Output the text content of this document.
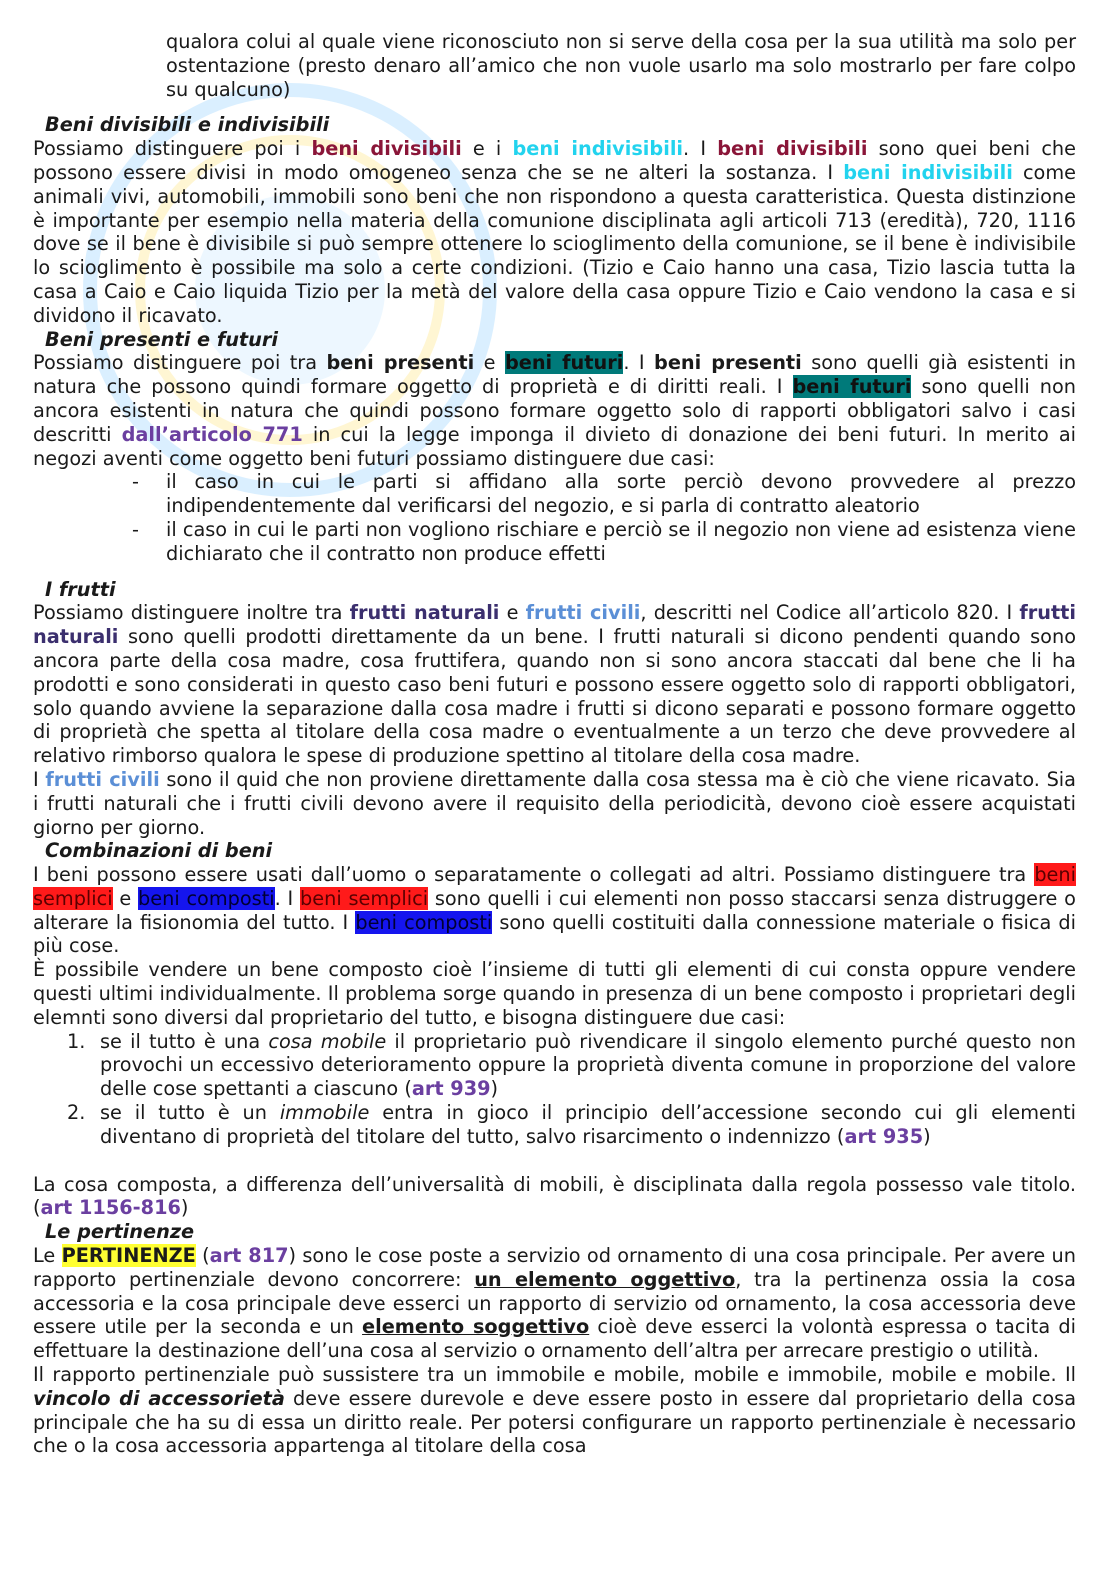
qualora colui al quale viene riconosciuto non si serve della cosa per la sua utilità ma solo per ostentazione (presto denaro all’amico che non vuole usarlo ma solo mostrarlo per fare colpo su qualcuno)

Beni divisibili e indivisibili

Possiamo distinguere poi i beni divisibili e i beni indivisibili. I beni divisibili sono quei beni che possono essere divisi in modo omogeneo senza che se ne alteri la sostanza. I beni indivisibili come animali vivi, automobili, immobili sono beni che non rispondono a questa caratteristica. Questa distinzione è importante per esempio nella materia della comunione disciplinata agli articoli 713 (eredità), 720, 1116 dove se il bene è divisibile si può sempre ottenere lo scioglimento della comunione, se il bene è indivisibile lo scioglimento è possibile ma solo a certe condizioni. (Tizio e Caio hanno una casa, Tizio lascia tutta la casa a Caio e Caio liquida Tizio per la metà del valore della casa oppure Tizio e Caio vendono la casa e si dividono il ricavato.

Beni presenti e futuri

Possiamo distinguere poi tra beni presenti e beni futuri. I beni presenti sono quelli già esistenti in natura che possono quindi formare oggetto di proprietà e di diritti reali. I beni futuri sono quelli non ancora esistenti in natura che quindi possono formare oggetto solo di rapporti obbligatori salvo i casi descritti dall’articolo 771 in cui la legge imponga il divieto di donazione dei beni futuri. In merito ai negozi aventi come oggetto beni futuri possiamo distinguere due casi:

- il caso in cui le parti si affidano alla sorte perciò devono provvedere al prezzo indipendentemente dal verificarsi del negozio, e si parla di contratto aleatorio
- il caso in cui le parti non vogliono rischiare e perciò se il negozio non viene ad esistenza viene dichiarato che il contratto non produce effetti

I frutti

Possiamo distinguere inoltre tra frutti naturali e frutti civili, descritti nel Codice all’articolo 820. I frutti naturali sono quelli prodotti direttamente da un bene. I frutti naturali si dicono pendenti quando sono ancora parte della cosa madre, cosa fruttifera, quando non si sono ancora staccati dal bene che li ha prodotti e sono considerati in questo caso beni futuri e possono essere oggetto solo di rapporti obbligatori, solo quando avviene la separazione dalla cosa madre i frutti si dicono separati e possono formare oggetto di proprietà che spetta al titolare della cosa madre o eventualmente a un terzo che deve provvedere al relativo rimborso qualora le spese di produzione spettino al titolare della cosa madre.

I frutti civili sono il quid che non proviene direttamente dalla cosa stessa ma è ciò che viene ricavato. Sia i frutti naturali che i frutti civili devono avere il requisito della periodicità, devono cioè essere acquistati giorno per giorno.

Combinazioni di beni

I beni possono essere usati dall’uomo o separatamente o collegati ad altri. Possiamo distinguere tra beni semplici e beni composti. I beni semplici sono quelli i cui elementi non posso staccarsi senza distruggere o alterare la fisionomia del tutto. I beni composti sono quelli costituiti dalla connessione materiale o fisica di più cose.

È possibile vendere un bene composto cioè l’insieme di tutti gli elementi di cui consta oppure vendere questi ultimi individualmente. Il problema sorge quando in presenza di un bene composto i proprietari degli elemnti sono diversi dal proprietario del tutto, e bisogna distinguere due casi:

1. se il tutto è una cosa mobile il proprietario può rivendicare il singolo elemento purché questo non provochi un eccessivo deterioramento oppure la proprietà diventa comune in proporzione del valore delle cose spettanti a ciascuno (art 939)
2. se il tutto è un immobile entra in gioco il principio dell’accessione secondo cui gli elementi diventano di proprietà del titolare del tutto, salvo risarcimento o indennizzo (art 935)

La cosa composta, a differenza dell’universalità di mobili, è disciplinata dalla regola possesso vale titolo. (art 1156-816)

Le pertinenze

Le PERTINENZE (art 817) sono le cose poste a servizio od ornamento di una cosa principale. Per avere un rapporto pertinenziale devono concorrere: un elemento oggettivo, tra la pertinenza ossia la cosa accessoria e la cosa principale deve esserci un rapporto di servizio od ornamento, la cosa accessoria deve essere utile per la seconda e un elemento soggettivo cioè deve esserci la volontà espressa o tacita di effettuare la destinazione dell’una cosa al servizio o ornamento dell’altra per arrecare prestigio o utilità.

Il rapporto pertinenziale può sussistere tra un immobile e mobile, mobile e immobile, mobile e mobile. Il vincolo di accessorietà deve essere durevole e deve essere posto in essere dal proprietario della cosa principale che ha su di essa un diritto reale. Per potersi configurare un rapporto pertinenziale è necessario che o la cosa accessoria appartenga al titolare della cosa
